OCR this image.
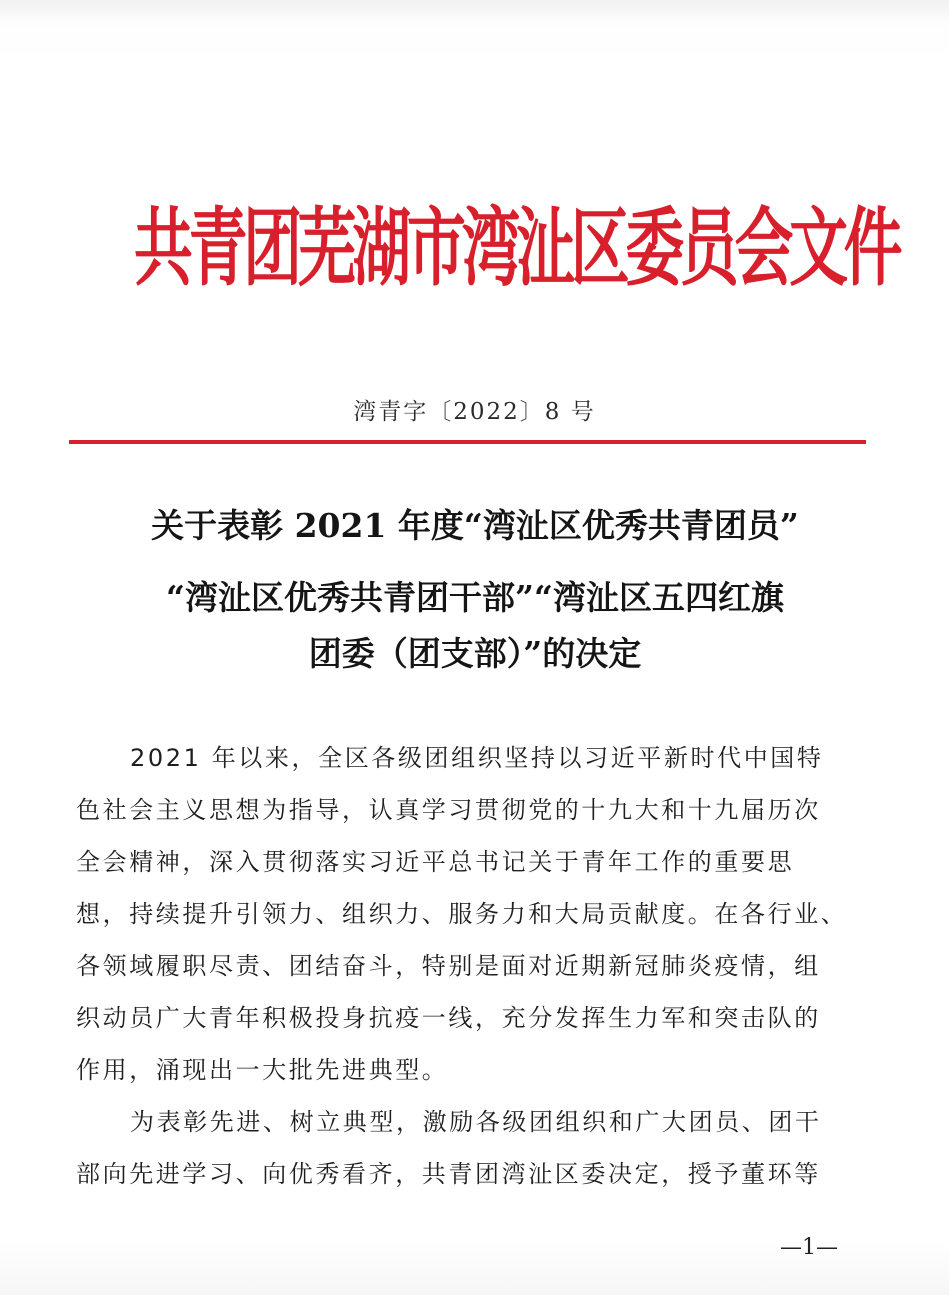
共青团芜湖市湾沚区委员会文件
湾青字〔2022〕8 号
关于表彰 2021 年度“湾沚区优秀共青团员”
“湾沚区优秀共青团干部”“湾沚区五四红旗
团委（团支部）”的决定
2021 年以来，全区各级团组织坚持以习近平新时代中国特
色社会主义思想为指导，认真学习贯彻党的十九大和十九届历次
全会精神，深入贯彻落实习近平总书记关于青年工作的重要思
想，持续提升引领力、组织力、服务力和大局贡献度。在各行业、
各领域履职尽责、团结奋斗，特别是面对近期新冠肺炎疫情，组
织动员广大青年积极投身抗疫一线，充分发挥生力军和突击队的
作用，涌现出一大批先进典型。
为表彰先进、树立典型，激励各级团组织和广大团员、团干
部向先进学习、向优秀看齐，共青团湾沚区委决定，授予董环等
—1—
